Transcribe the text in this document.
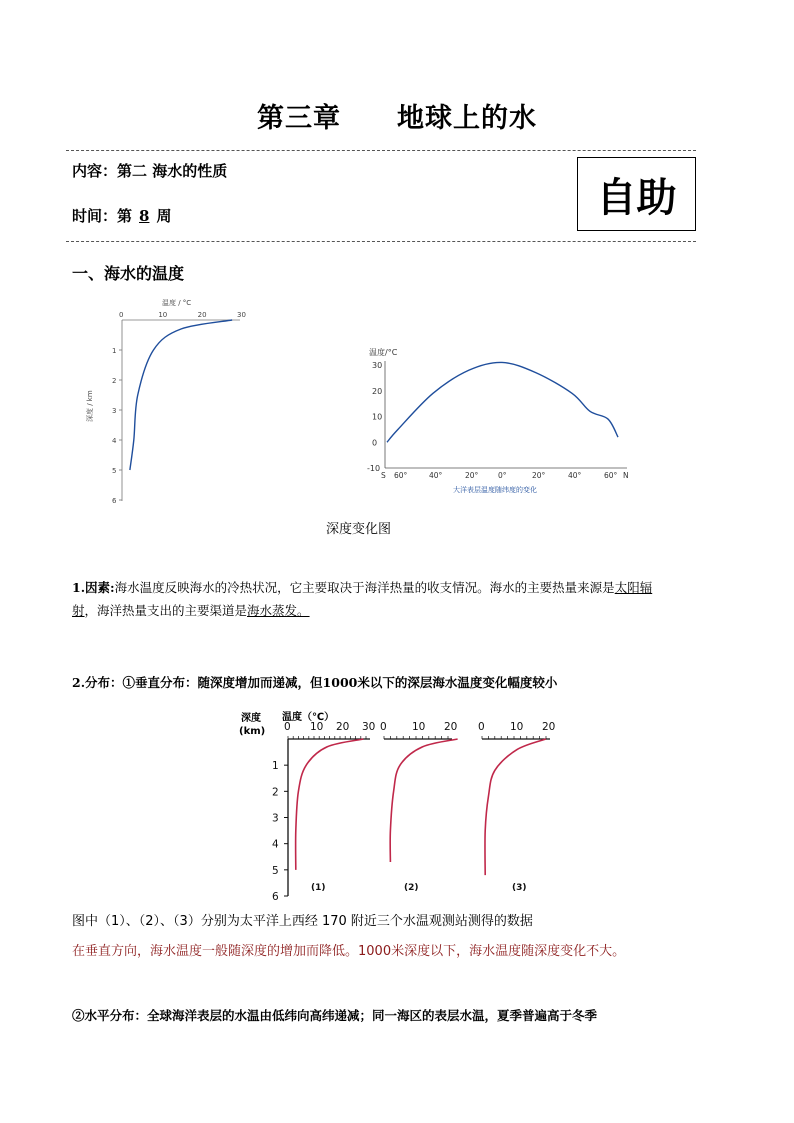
第三章 地球上的水
内容：第二 海水的性质
时间：第 8 周	自助
一、海水的温度
温度 / °C
0	10	20	30
1
2
3
4
5
6
深度 / km
温度/°C
30
20
10
0
-10
S 60°	40°	20°	0°	20°	40°	60° N
大洋表层温度随纬度的变化
深度变化图
1.因素:海水温度反映海水的冷热状况，它主要取决于海洋热量的收支情况。海水的主要热量来源是太阳辐
射，海洋热量支出的主要渠道是海水蒸发。
2.分布：①垂直分布：随深度增加而递减，但1000米以下的深层海水温度变化幅度较小
深度
(km)
温度（℃）
0 10 20 30 0 10 20 0 10 20
1
2
3
4
5
6
(1)	(2)	(3)
图中（1）、（2）、（3）分别为太平洋上西经 170 附近三个水温观测站测得的数据
在垂直方向，海水温度一般随深度的增加而降低。1000米深度以下，海水温度随深度变化不大。
②水平分布：全球海洋表层的水温由低纬向高纬递减；同一海区的表层水温，夏季普遍高于冬季
